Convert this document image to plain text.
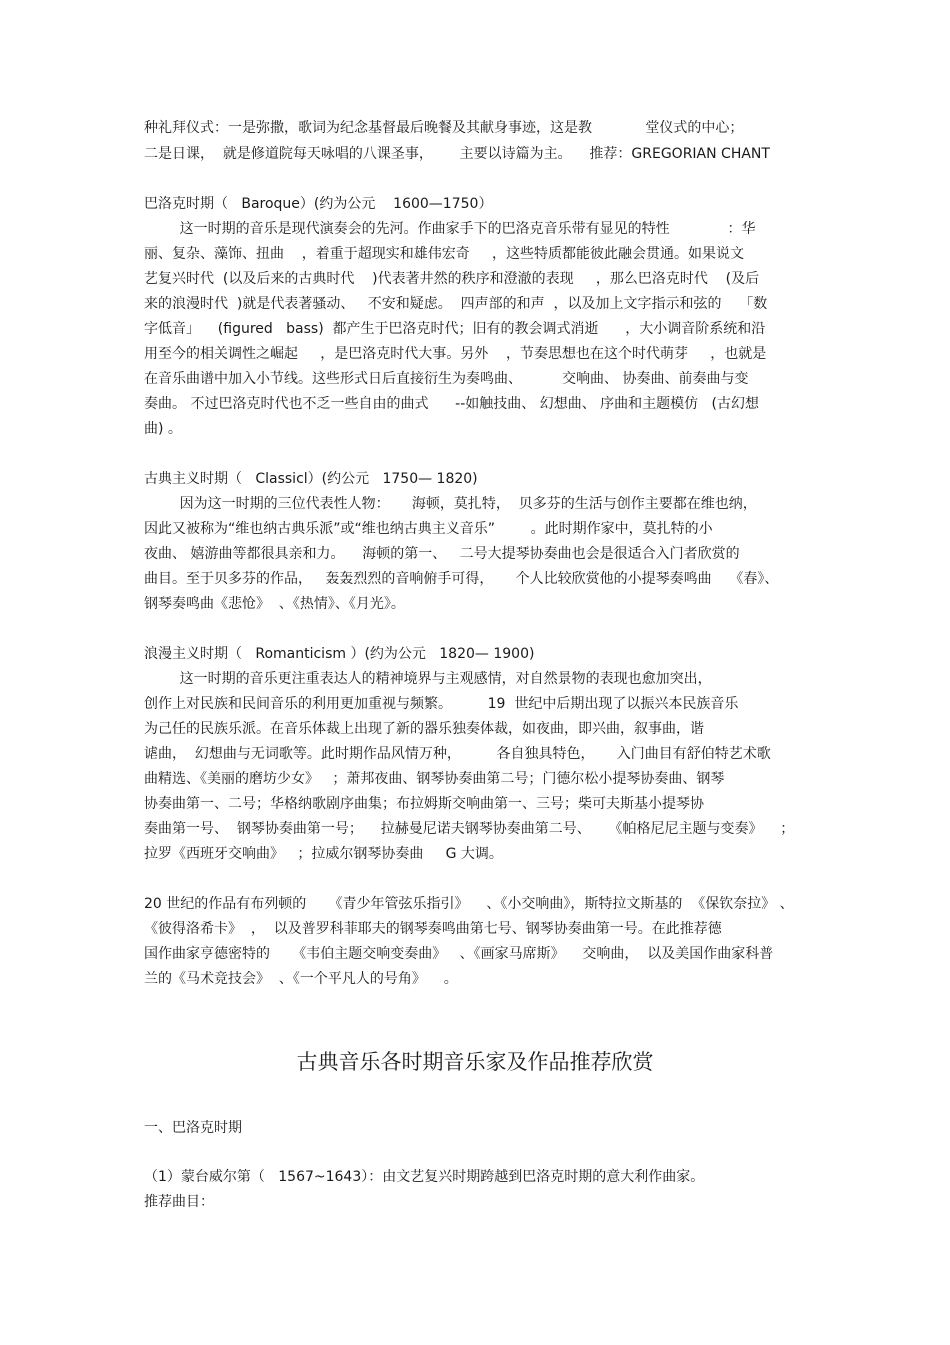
种礼拜仪式：一是弥撒，歌词为纪念基督最后晚餐及其献身事迹，这是教            堂仪式的中心；
二是日课，  就是修道院每天咏唱的八课圣事，      主要以诗篇为主。    推荐：GREGORIAN CHANT
巴洛克时期（   Baroque）(约为公元    1600—1750）
这一时期的音乐是现代演奏会的先河。作曲家手下的巴洛克音乐带有显见的特性             ：华
丽、复杂、藻饰、扭曲    ，着重于超现实和雄伟宏奇     ，这些特质都能彼此融会贯通。如果说文
艺复兴时代  (以及后来的古典时代    )代表著井然的秩序和澄澈的表现     ，那么巴洛克时代    (及后
来的浪漫时代  )就是代表著骚动、   不安和疑虑。  四声部的和声  ，以及加上文字指示和弦的    「数
字低音」    (figured   bass)  都产生于巴洛克时代；旧有的教会调式消逝      ，大小调音阶系统和沿
用至今的相关调性之崛起     ，是巴洛克时代大事。另外    ，节奏思想也在这个时代萌芽     ，也就是
在音乐曲谱中加入小节线。这些形式日后直接衍生为奏鸣曲、         交响曲、 协奏曲、前奏曲与变
奏曲。 不过巴洛克时代也不乏一些自由的曲式      --如触技曲、 幻想曲、 序曲和主题模仿   (古幻想
曲) 。
古典主义时期（   Classicl）(约公元   1750— 1820)
因为这一时期的三位代表性人物：     海顿，莫扎特，  贝多芬的生活与创作主要都在维也纳，
因此又被称为“维也纳古典乐派”或“维也纳古典主义音乐”        。此时期作家中，莫扎特的小
夜曲、 嬉游曲等都很具亲和力。    海顿的第一、   二号大提琴协奏曲也会是很适合入门者欣赏的
曲目。至于贝多芬的作品，   轰轰烈烈的音响俯手可得，     个人比较欣赏他的小提琴奏鸣曲    《春》、
钢琴奏鸣曲《悲怆》  、《热情》、《月光》。
浪漫主义时期（   Romanticism ）(约为公元   1820— 1900)
这一时期的音乐更注重表达人的精神境界与主观感情，对自然景物的表现也愈加突出，
创作上对民族和民间音乐的利用更加重视与频繁。        19  世纪中后期出现了以振兴本民族音乐
为己任的民族乐派。在音乐体裁上出现了新的器乐独奏体裁，如夜曲，即兴曲，叙事曲，谐
谑曲，  幻想曲与无词歌等。此时期作品风情万种，        各自独具特色，     入门曲目有舒伯特艺术歌
曲精选、《美丽的磨坊少女》   ；萧邦夜曲、钢琴协奏曲第二号；门德尔松小提琴协奏曲、钢琴
协奏曲第一、二号；华格纳歌剧序曲集；布拉姆斯交响曲第一、三号；柴可夫斯基小提琴协
奏曲第一号、  钢琴协奏曲第一号；    拉赫曼尼诺夫钢琴协奏曲第二号、    《帕格尼尼主题与变奏》    ；
拉罗《西班牙交响曲》   ；拉威尔钢琴协奏曲     G 大调。
20 世纪的作品有布列顿的     《青少年管弦乐指引》    、《小交响曲》，斯特拉文斯基的  《保钦奈拉》 、
《彼得洛希卡》  ，  以及普罗科菲耶夫的钢琴奏鸣曲第七号、钢琴协奏曲第一号。在此推荐德
国作曲家亨德密特的     《韦伯主题交响变奏曲》   、《画家马席斯》    交响曲，  以及美国作曲家科普
兰的《马术竞技会》  、《一个平凡人的号角》    。
古典音乐各时期音乐家及作品推荐欣赏
一、巴洛克时期
（1）蒙台威尔第（   1567~1643）：由文艺复兴时期跨越到巴洛克时期的意大利作曲家。
推荐曲目：
